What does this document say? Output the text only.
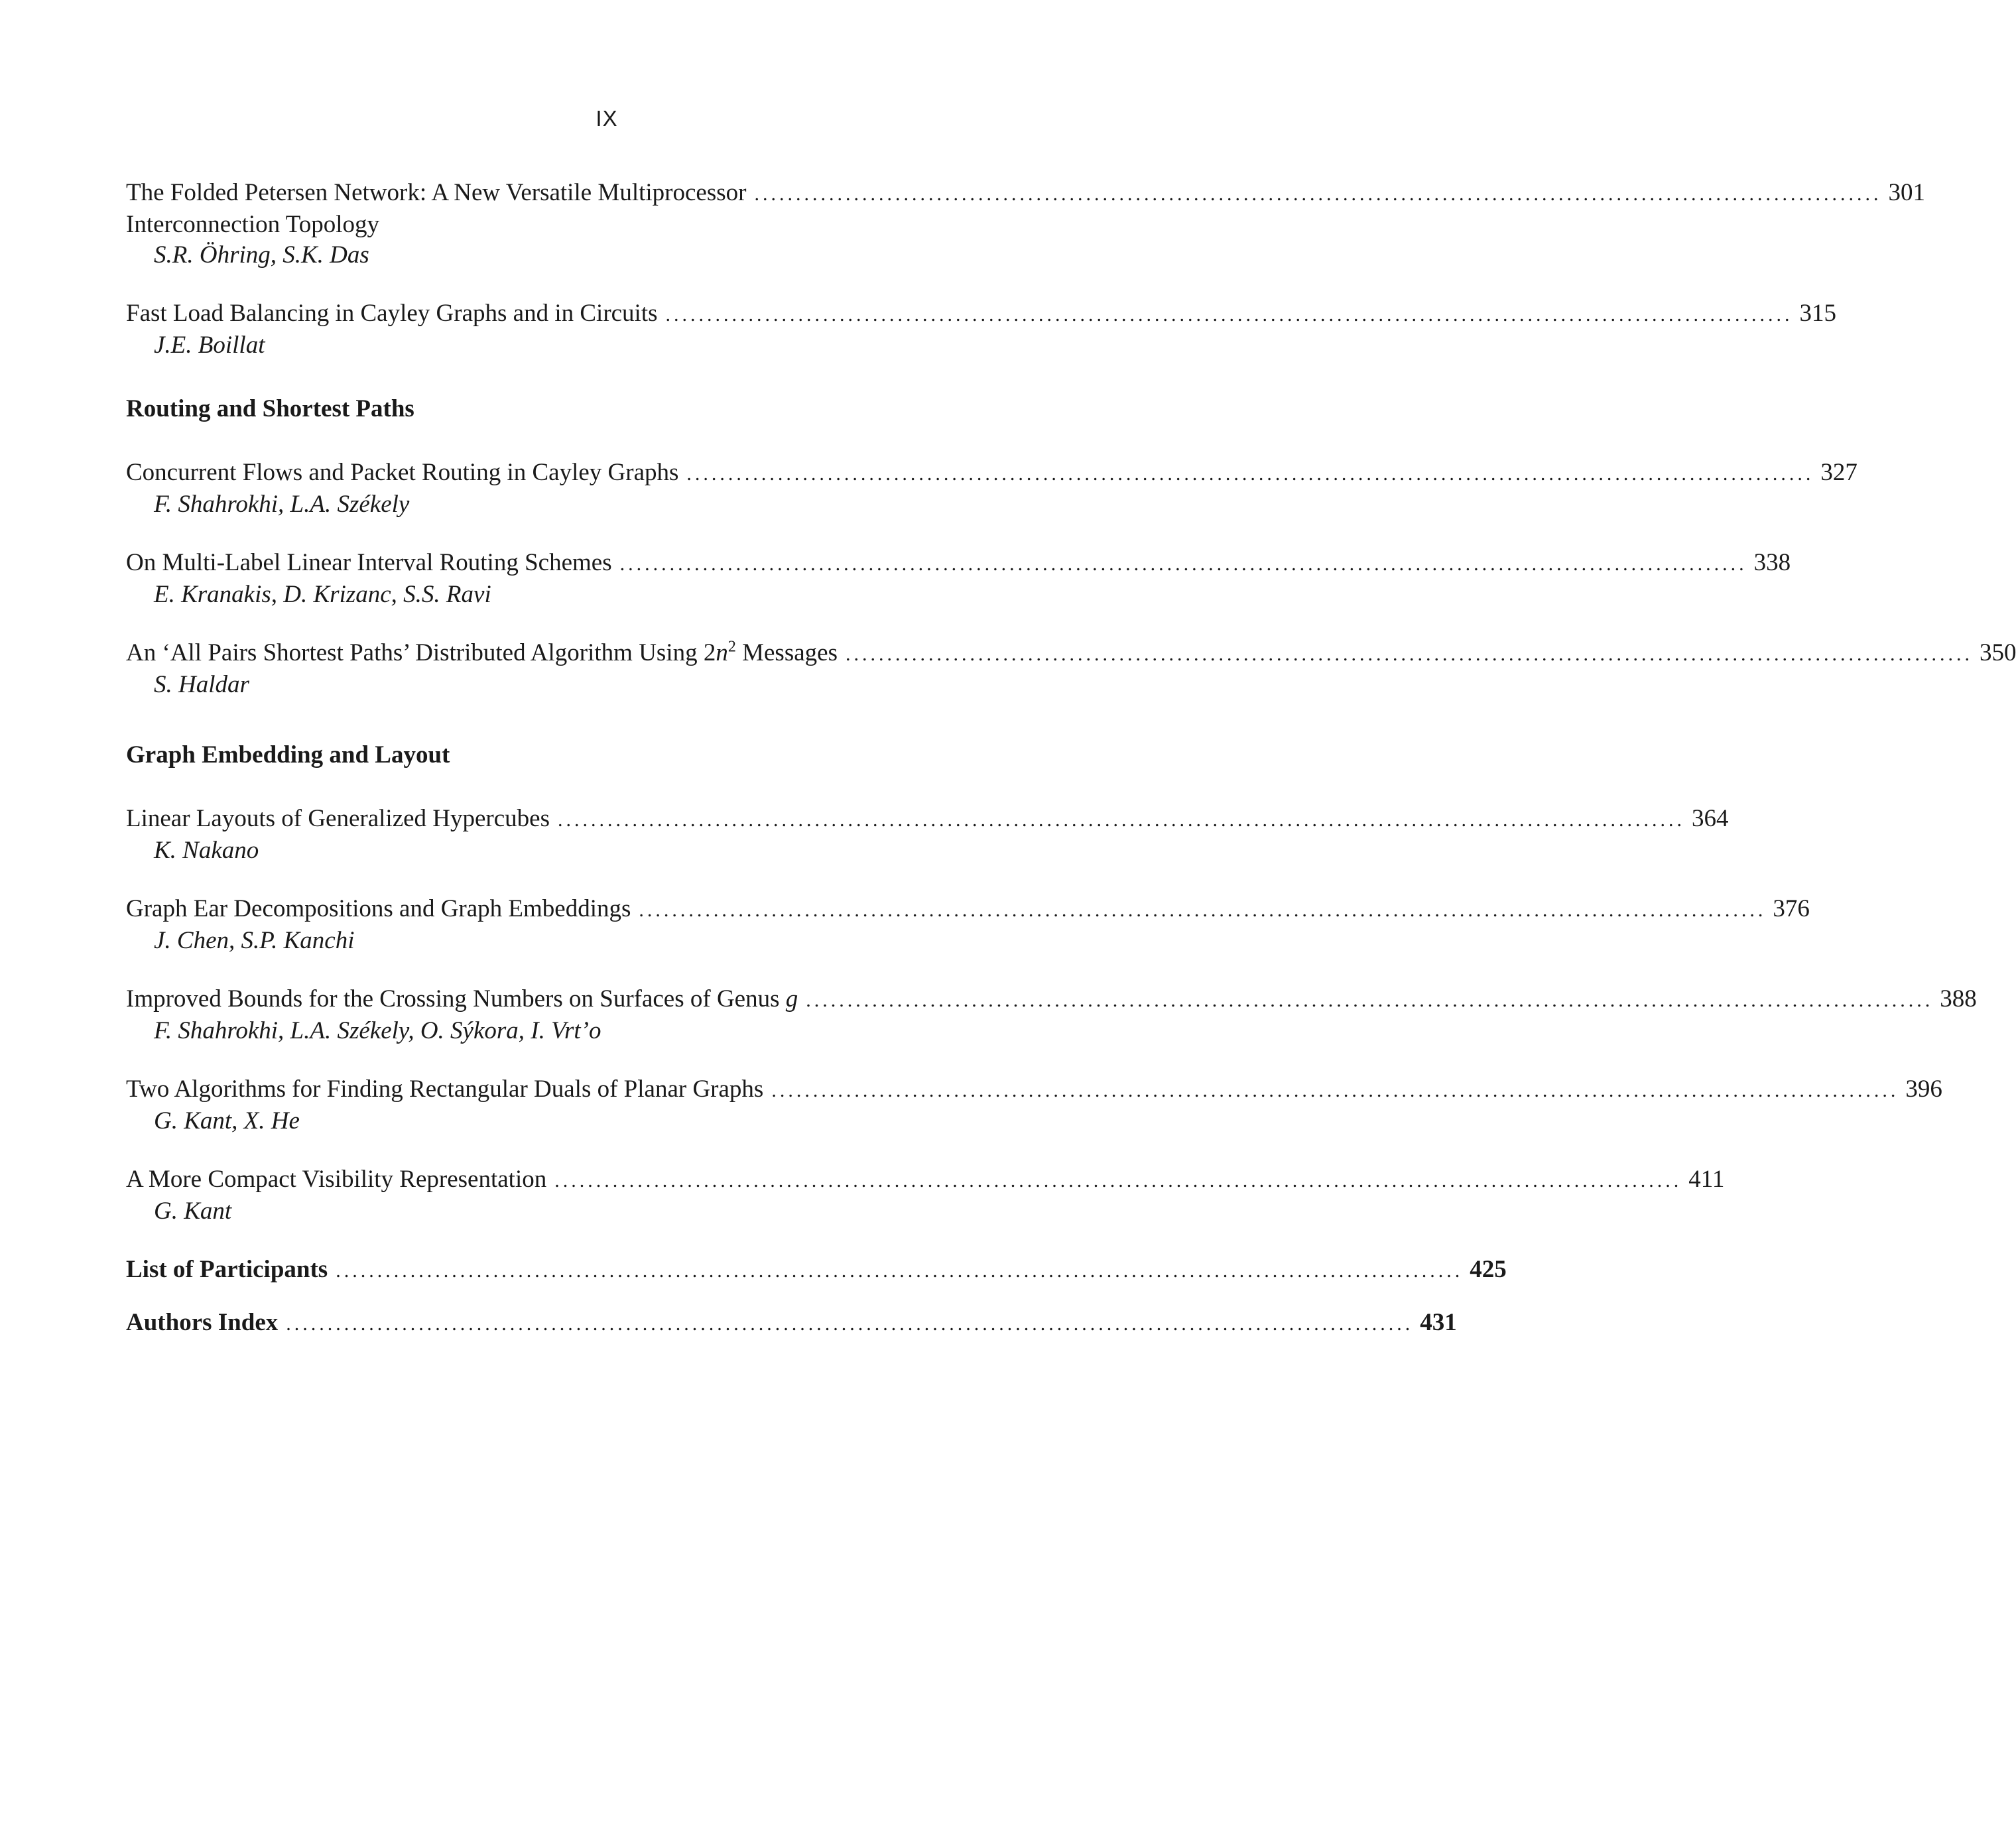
IX
The Folded Petersen Network: A New Versatile Multiprocessor ........................................................................................................................................ 301
Interconnection Topology
S.R. Öhring, S.K. Das
Fast Load Balancing in Cayley Graphs and in Circuits ........................................................................................................................................ 315
J.E. Boillat
Routing and Shortest Paths
Concurrent Flows and Packet Routing in Cayley Graphs ........................................................................................................................................ 327
F. Shahrokhi, L.A. Székely
On Multi-Label Linear Interval Routing Schemes ........................................................................................................................................ 338
E. Kranakis, D. Krizanc, S.S. Ravi
An ‘All Pairs Shortest Paths’ Distributed Algorithm Using $2n^2$ Messages ........................................................................................................................................ 350
S. Haldar
Graph Embedding and Layout
Linear Layouts of Generalized Hypercubes ........................................................................................................................................ 364
K. Nakano
Graph Ear Decompositions and Graph Embeddings ........................................................................................................................................ 376
J. Chen, S.P. Kanchi
Improved Bounds for the Crossing Numbers on Surfaces of Genus g ........................................................................................................................................ 388
F. Shahrokhi, L.A. Székely, O. Sýkora, I. Vrt’o
Two Algorithms for Finding Rectangular Duals of Planar Graphs ........................................................................................................................................ 396
G. Kant, X. He
A More Compact Visibility Representation ........................................................................................................................................ 411
G. Kant
List of Participants ........................................................................................................................................ 425
Authors Index ........................................................................................................................................ 431
